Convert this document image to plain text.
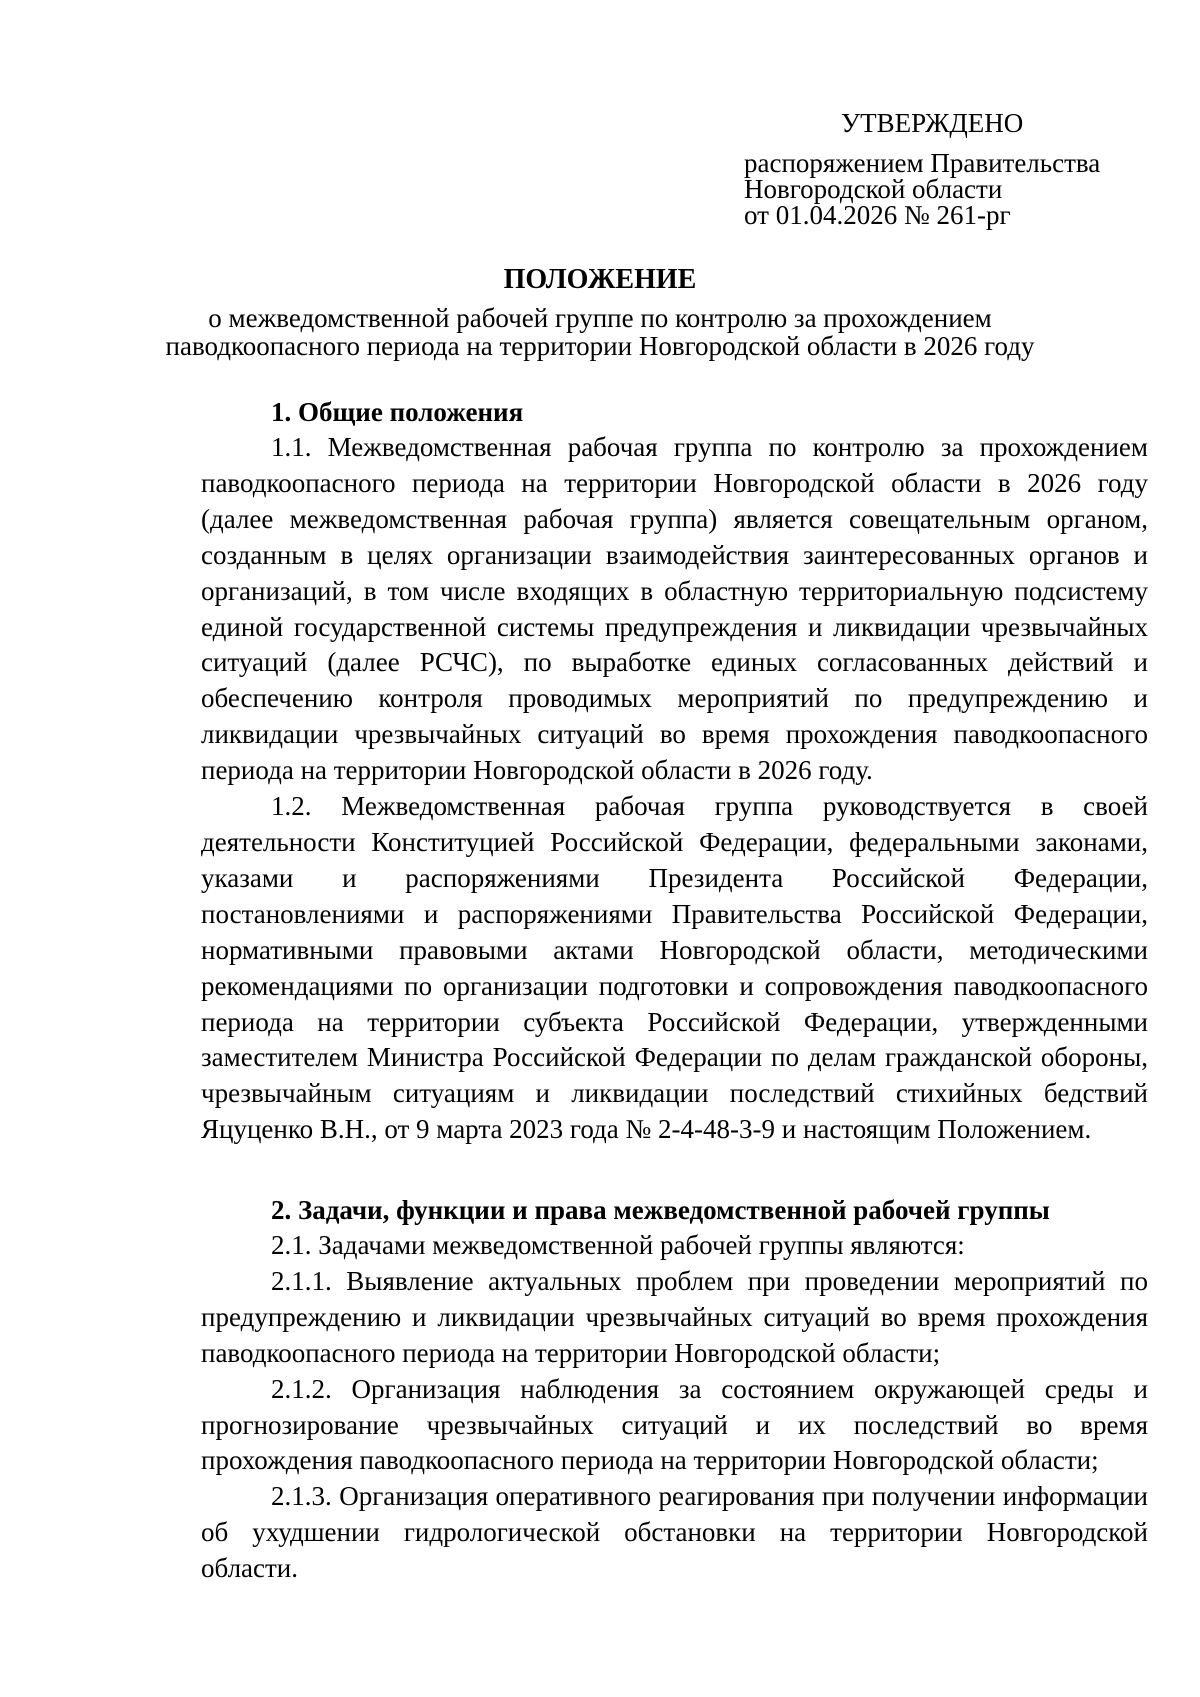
УТВЕРЖДЕНО

распоряжением Правительства

Новгородской области

от 01.04.2026 № 261-рг

ПОЛОЖЕНИЕ

о межведомственной рабочей группе по контролю за прохождением паводкоопасного периода на территории Новгородской области в 2026 году

1. Общие положения

1.1. Межведомственная рабочая группа по контролю за прохождением паводкоопасного периода на территории Новгородской области в 2026 году (далее межведомственная рабочая группа) является совещательным органом, созданным в целях организации взаимодействия заинтересованных органов и организаций, в том числе входящих в областную территориальную подсистему единой государственной системы предупреждения и ликвидации чрезвычайных ситуаций (далее РСЧС), по выработке единых согласованных действий и обеспечению контроля проводимых мероприятий по предупреждению и ликвидации чрезвычайных ситуаций во время прохождения паводкоопасного периода на территории Новгородской области в 2026 году.

1.2. Межведомственная рабочая группа руководствуется в своей деятельности Конституцией Российской Федерации, федеральными законами, указами и распоряжениями Президента Российской Федерации, постановлениями и распоряжениями Правительства Российской Федерации, нормативными правовыми актами Новгородской области, методическими рекомендациями по организации подготовки и сопровождения паводкоопасного периода на территории субъекта Российской Федерации, утвержденными заместителем Министра Российской Федерации по делам гражданской обороны, чрезвычайным ситуациям и ликвидации последствий стихийных бедствий Яцуценко В.Н., от 9 марта 2023 года № 2-4-48-3-9 и настоящим Положением.

2. Задачи, функции и права межведомственной рабочей группы

2.1. Задачами межведомственной рабочей группы являются:

2.1.1. Выявление актуальных проблем при проведении мероприятий по предупреждению и ликвидации чрезвычайных ситуаций во время прохождения паводкоопасного периода на территории Новгородской области;

2.1.2. Организация наблюдения за состоянием окружающей среды и прогнозирование чрезвычайных ситуаций и их последствий во время прохождения паводкоопасного периода на территории Новгородской области;

2.1.3. Организация оперативного реагирования при получении информации об ухудшении гидрологической обстановки на территории Новгородской области.
